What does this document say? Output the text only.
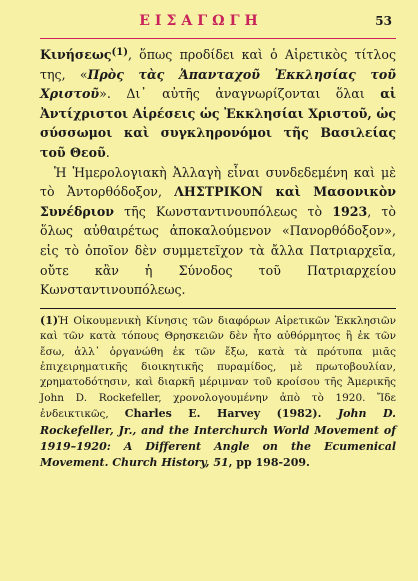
ΕΙΣΑΓΩΓΗ	53

Κινήσεως$^{(1)}$, ὅπως προδίδει καὶ ὁ Αἱρετικὸς τίτλος της, «Πρὸς τὰς Ἁπανταχοῦ Ἐκκλησίας τοῦ Χριστοῦ». Δι᾿ αὐτῆς ἀναγνωρίζονται ὅλαι αἱ Ἀντίχριστοι Αἱρέσεις ὡς Ἐκκλησίαι Χριστοῦ, ὡς σύσσωμοι καὶ συγκληρονόμοι τῆς Βασιλείας τοῦ Θεοῦ.

Ἡ Ἡμερολογιακὴ Ἀλλαγὴ εἶναι συνδεδεμένη καὶ μὲ τὸ Ἀντορθόδοξον, ΛΗΣΤΡΙΚΟΝ καὶ Μασονικὸν Συνέδριον τῆς Κωνσταντινουπόλεως τὸ 1923, τὸ ὅλως αὐθαιρέτως ἀποκαλούμενον «Πανορθόδοξον», εἰς τὸ ὁποῖον δὲν συμμετεῖχον τὰ ἄλλα Πατριαρχεῖα, οὔτε κἂν ἡ Σύνοδος τοῦ Πατριαρχείου Κωνσταντινουπόλεως.

(1)Ἡ Οἰκουμενικὴ Κίνησις τῶν διαφόρων Αἱρετικῶν Ἐκκλησιῶν καὶ τῶν κατὰ τόπους Θρησκειῶν δὲν ἦτο αὐθόρμητος ἢ ἐκ τῶν ἔσω, ἀλλ᾿ ὀργανώθη ἐκ τῶν ἔξω, κατὰ τὰ πρότυπα μιᾶς ἐπιχειρηματικῆς διοικητικῆς πυραμίδος, μὲ πρωτοβουλίαν, χρηματοδότησιν, καὶ διαρκῆ μέριμναν τοῦ κροίσου τῆς Ἀμερικῆς John D. Rockefeller, χρονολογουμένην ἀπὸ τὸ 1920. Ἴδε ἐνδεικτικῶς, Charles E. Harvey (1982). John D. Rockefeller, Jr., and the Interchurch World Movement of 1919–1920: A Different Angle on the Ecumenical Movement. Church History, 51, pp 198-209.
